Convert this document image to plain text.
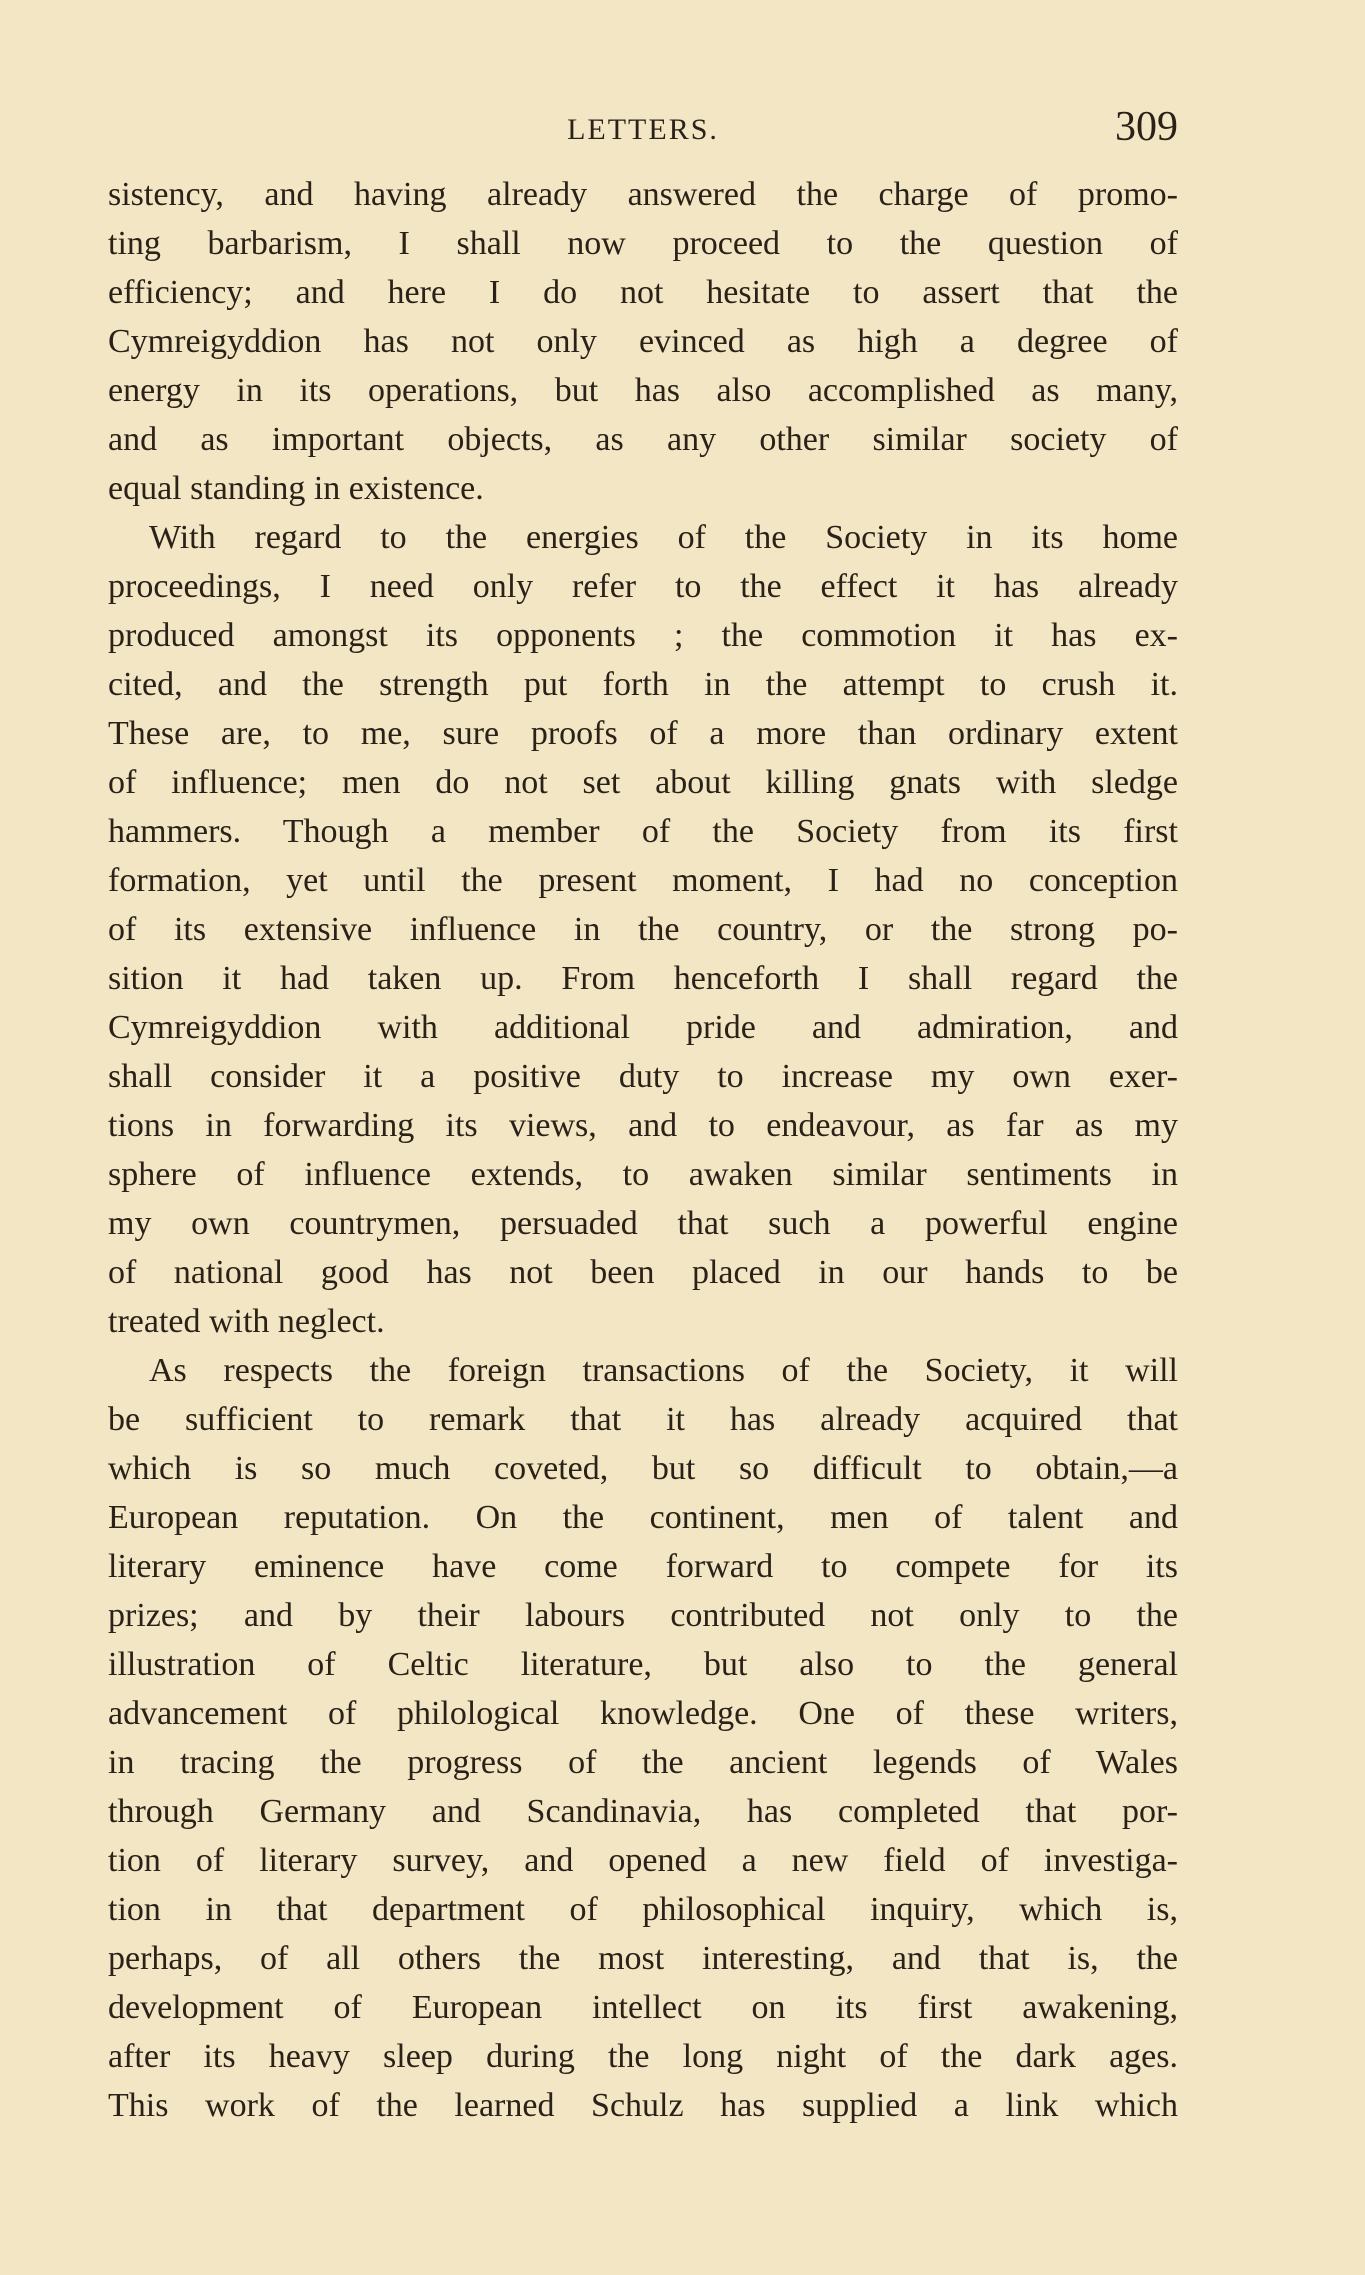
LETTERS.	309
sistency, and having already answered the charge of promo-
ting barbarism, I shall now proceed to the question of
efficiency; and here I do not hesitate to assert that the
Cymreigyddion has not only evinced as high a degree of
energy in its operations, but has also accomplished as many,
and as important objects, as any other similar society of
equal standing in existence.
With regard to the energies of the Society in its home
proceedings, I need only refer to the effect it has already
produced amongst its opponents ; the commotion it has ex-
cited, and the strength put forth in the attempt to crush it.
These are, to me, sure proofs of a more than ordinary extent
of influence; men do not set about killing gnats with sledge
hammers. Though a member of the Society from its first
formation, yet until the present moment, I had no conception
of its extensive influence in the country, or the strong po-
sition it had taken up. From henceforth I shall regard the
Cymreigyddion with additional pride and admiration, and
shall consider it a positive duty to increase my own exer-
tions in forwarding its views, and to endeavour, as far as my
sphere of influence extends, to awaken similar sentiments in
my own countrymen, persuaded that such a powerful engine
of national good has not been placed in our hands to be
treated with neglect.
As respects the foreign transactions of the Society, it will
be sufficient to remark that it has already acquired that
which is so much coveted, but so difficult to obtain,—a
European reputation. On the continent, men of talent and
literary eminence have come forward to compete for its
prizes; and by their labours contributed not only to the
illustration of Celtic literature, but also to the general
advancement of philological knowledge. One of these writers,
in tracing the progress of the ancient legends of Wales
through Germany and Scandinavia, has completed that por-
tion of literary survey, and opened a new field of investiga-
tion in that department of philosophical inquiry, which is,
perhaps, of all others the most interesting, and that is, the
development of European intellect on its first awakening,
after its heavy sleep during the long night of the dark ages.
This work of the learned Schulz has supplied a link which
